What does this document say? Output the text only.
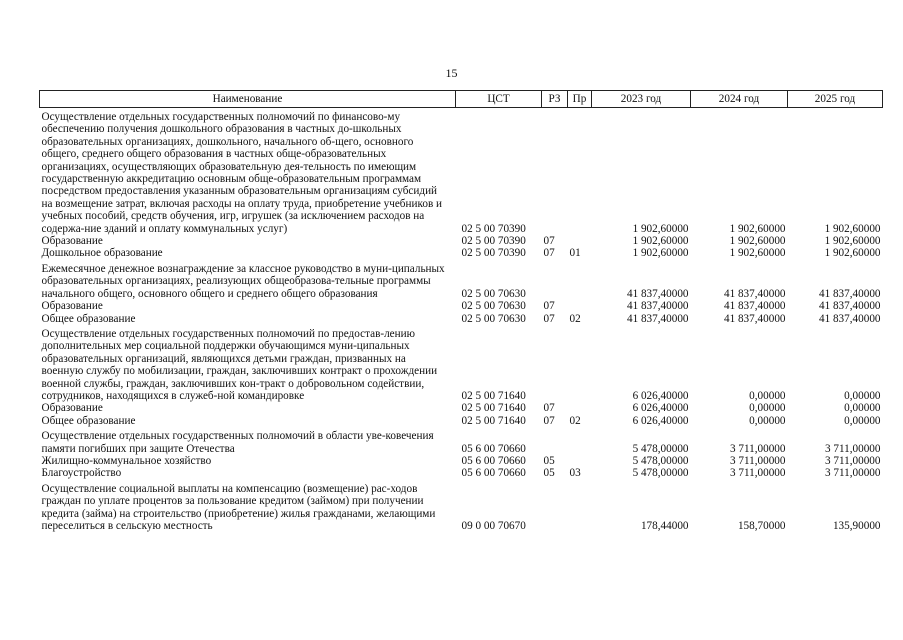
15
Наименование	ЦСТ	РЗ	Пр	2023 год	2024 год	2025 год
Осуществление отдельных государственных полномочий по финансово-му обеспечению получения дошкольного образования в частных до-школьных образовательных организациях, дошкольного, начального об-щего, основного общего, среднего общего образования в частных обще-образовательных организациях, осуществляющих образовательную дея-тельность по имеющим государственную аккредитацию основным обще-образовательным программам посредством предоставления указанным образовательным организациям субсидий на возмещение затрат, включая расходы на оплату труда, приобретение учебников и учебных пособий, средств обучения, игр, игрушек (за исключением расходов на содержа-ние зданий и оплату коммунальных услуг)	02 5 00 70390			1 902,60000	1 902,60000	1 902,60000
Образование	02 5 00 70390	07		1 902,60000	1 902,60000	1 902,60000
Дошкольное образование	02 5 00 70390	07	01	1 902,60000	1 902,60000	1 902,60000
Ежемесячное денежное вознаграждение за классное руководство в муни-ципальных образовательных организациях, реализующих общеобразова-тельные программы начального общего, основного общего и среднего общего образования	02 5 00 70630			41 837,40000	41 837,40000	41 837,40000
Образование	02 5 00 70630	07		41 837,40000	41 837,40000	41 837,40000
Общее образование	02 5 00 70630	07	02	41 837,40000	41 837,40000	41 837,40000
Осуществление отдельных государственных полномочий по предостав-лению дополнительных мер социальной поддержки обучающимся муни-ципальных образовательных организаций, являющихся детьми граждан, призванных на военную службу по мобилизации, граждан, заключивших контракт о прохождении военной службы, граждан, заключивших кон-тракт о добровольном содействии, сотрудников, находящихся в служеб-ной командировке	02 5 00 71640			6 026,40000	0,00000	0,00000
Образование	02 5 00 71640	07		6 026,40000	0,00000	0,00000
Общее образование	02 5 00 71640	07	02	6 026,40000	0,00000	0,00000
Осуществление отдельных государственных полномочий в области уве-ковечения памяти погибших при защите Отечества	05 6 00 70660			5 478,00000	3 711,00000	3 711,00000
Жилищно-коммунальное хозяйство	05 6 00 70660	05		5 478,00000	3 711,00000	3 711,00000
Благоустройство	05 6 00 70660	05	03	5 478,00000	3 711,00000	3 711,00000
Осуществление социальной выплаты на компенсацию (возмещение) рас-ходов граждан по уплате процентов за пользование кредитом (займом) при получении кредита (займа) на строительство (приобретение) жилья гражданами, желающими переселиться в сельскую местность	09 0 00 70670			178,44000	158,70000	135,90000
